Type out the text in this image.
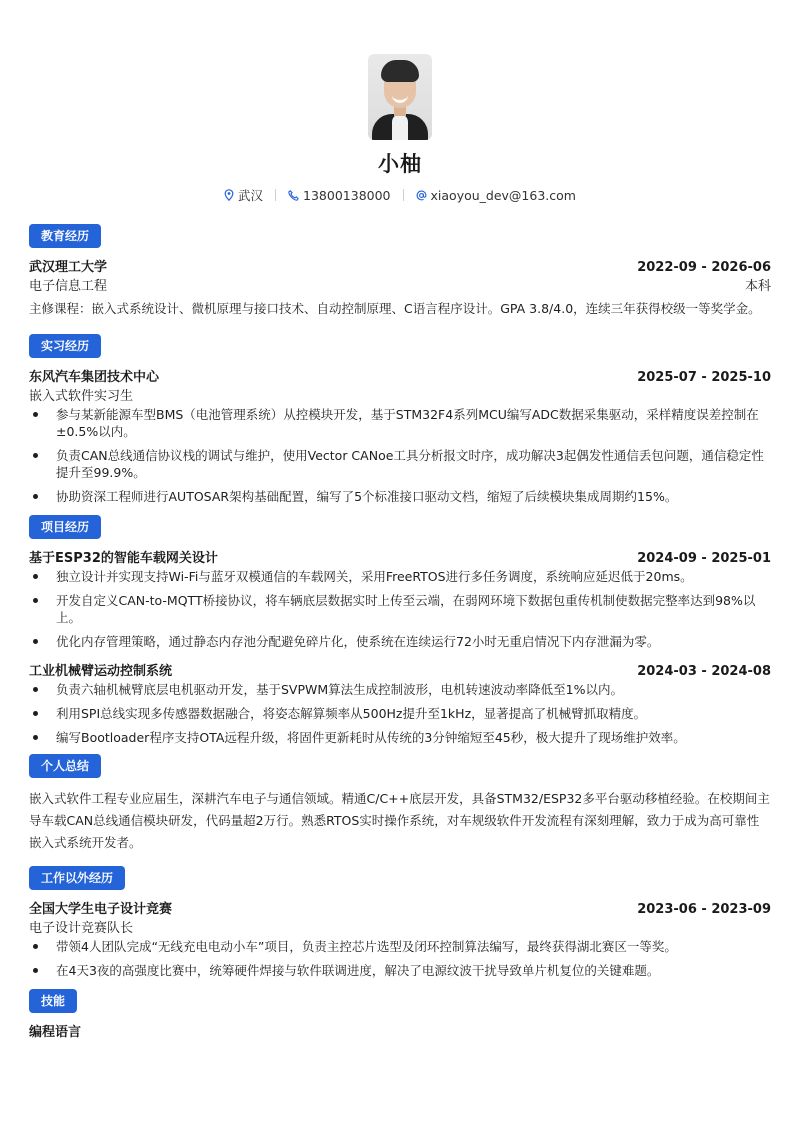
小柚
武汉	13800138000	xiaoyou_dev@163.com
教育经历
武汉理工大学	2022-09 - 2026-06
电子信息工程	本科

主修课程：嵌入式系统设计、微机原理与接口技术、自动控制原理、C语言程序设计。GPA 3.8/4.0，连续三年获得校级一等奖学金。

实习经历
东风汽车集团技术中心	2025-07 - 2025-10
嵌入式软件实习生
参与某新能源车型BMS（电池管理系统）从控模块开发，基于STM32F4系列MCU编写ADC数据采集驱动，采样精度误差控制在±0.5%以内。
负责CAN总线通信协议栈的调试与维护，使用Vector CANoe工具分析报文时序，成功解决3起偶发性通信丢包问题，通信稳定性提升至99.9%。
协助资深工程师进行AUTOSAR架构基础配置，编写了5个标准接口驱动文档，缩短了后续模块集成周期约15%。
项目经历
基于ESP32的智能车载网关设计	2024-09 - 2025-01
独立设计并实现支持Wi-Fi与蓝牙双模通信的车载网关，采用FreeRTOS进行多任务调度，系统响应延迟低于20ms。
开发自定义CAN-to-MQTT桥接协议，将车辆底层数据实时上传至云端，在弱网环境下数据包重传机制使数据完整率达到98%以上。
优化内存管理策略，通过静态内存池分配避免碎片化，使系统在连续运行72小时无重启情况下内存泄漏为零。
工业机械臂运动控制系统	2024-03 - 2024-08
负责六轴机械臂底层电机驱动开发，基于SVPWM算法生成控制波形，电机转速波动率降低至1%以内。
利用SPI总线实现多传感器数据融合，将姿态解算频率从500Hz提升至1kHz，显著提高了机械臂抓取精度。
编写Bootloader程序支持OTA远程升级，将固件更新耗时从传统的3分钟缩短至45秒，极大提升了现场维护效率。
个人总结

嵌入式软件工程专业应届生，深耕汽车电子与通信领域。精通C/C++底层开发，具备STM32/ESP32多平台驱动移植经验。在校期间主导车载CAN总线通信模块研发，代码量超2万行。熟悉RTOS实时操作系统，对车规级软件开发流程有深刻理解，致力于成为高可靠性嵌入式系统开发者。

工作以外经历
全国大学生电子设计竞赛	2023-06 - 2023-09
电子设计竞赛队长
带领4人团队完成“无线充电电动小车”项目，负责主控芯片选型及闭环控制算法编写，最终获得湖北赛区一等奖。
在4天3夜的高强度比赛中，统筹硬件焊接与软件联调进度，解决了电源纹波干扰导致单片机复位的关键难题。
技能
编程语言
